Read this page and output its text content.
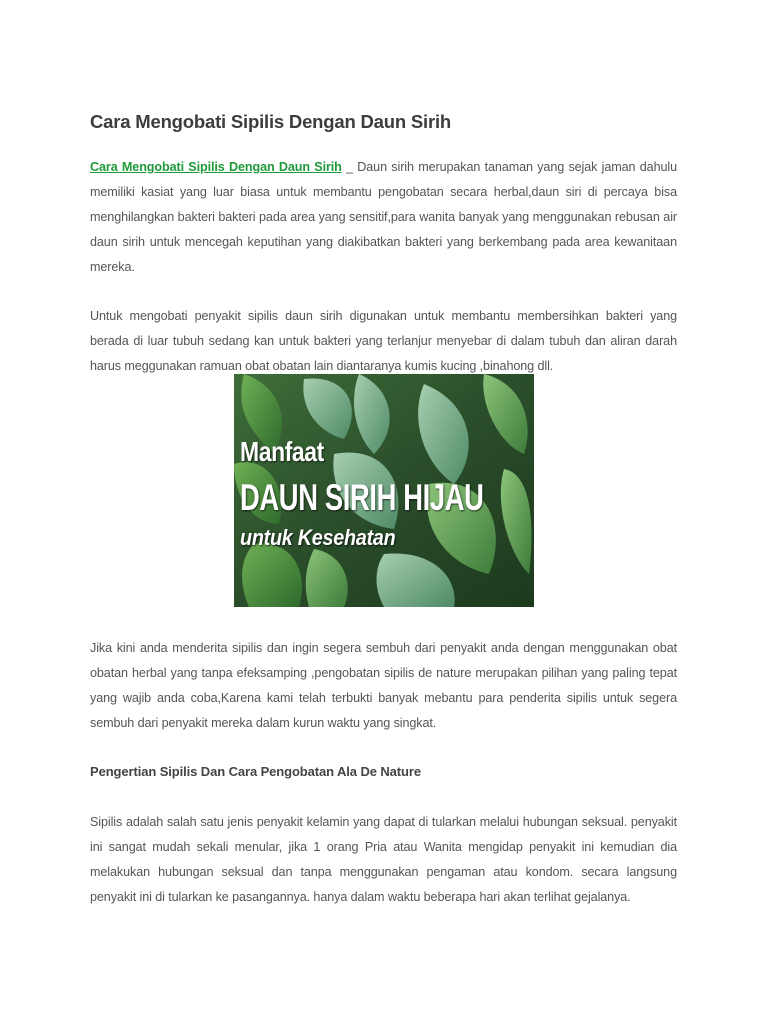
Cara Mengobati Sipilis Dengan Daun Sirih

Cara Mengobati Sipilis Dengan Daun Sirih _ Daun sirih merupakan tanaman yang sejak jaman dahulu memiliki kasiat yang luar biasa untuk membantu pengobatan secara herbal,daun siri di percaya bisa menghilangkan bakteri bakteri pada area yang sensitif,para wanita banyak yang menggunakan rebusan air daun sirih untuk mencegah keputihan yang diakibatkan bakteri yang berkembang pada area kewanitaan mereka.

Untuk mengobati penyakit sipilis daun sirih digunakan untuk membantu membersihkan bakteri yang berada di luar tubuh sedang kan untuk bakteri yang terlanjur menyebar di dalam tubuh dan aliran darah harus meggunakan ramuan obat obatan lain diantaranya kumis kucing ,binahong dll.

Manfaat
DAUN SIRIH HIJAU
untuk Kesehatan

Jika kini anda menderita sipilis dan ingin segera sembuh dari penyakit anda dengan menggunakan obat obatan herbal yang tanpa efeksamping ,pengobatan sipilis de nature merupakan pilihan yang paling tepat yang wajib anda coba,Karena kami telah terbukti banyak mebantu para penderita sipilis untuk segera sembuh dari penyakit mereka dalam kurun waktu yang singkat.

Pengertian Sipilis Dan Cara Pengobatan Ala De Nature

Sipilis adalah salah satu jenis penyakit kelamin yang dapat di tularkan melalui hubungan seksual. penyakit ini sangat mudah sekali menular, jika 1 orang Pria atau Wanita mengidap penyakit ini kemudian dia melakukan hubungan seksual dan tanpa menggunakan pengaman atau kondom. secara langsung penyakit ini di tularkan ke pasangannya. hanya dalam waktu beberapa hari akan terlihat gejalanya.
